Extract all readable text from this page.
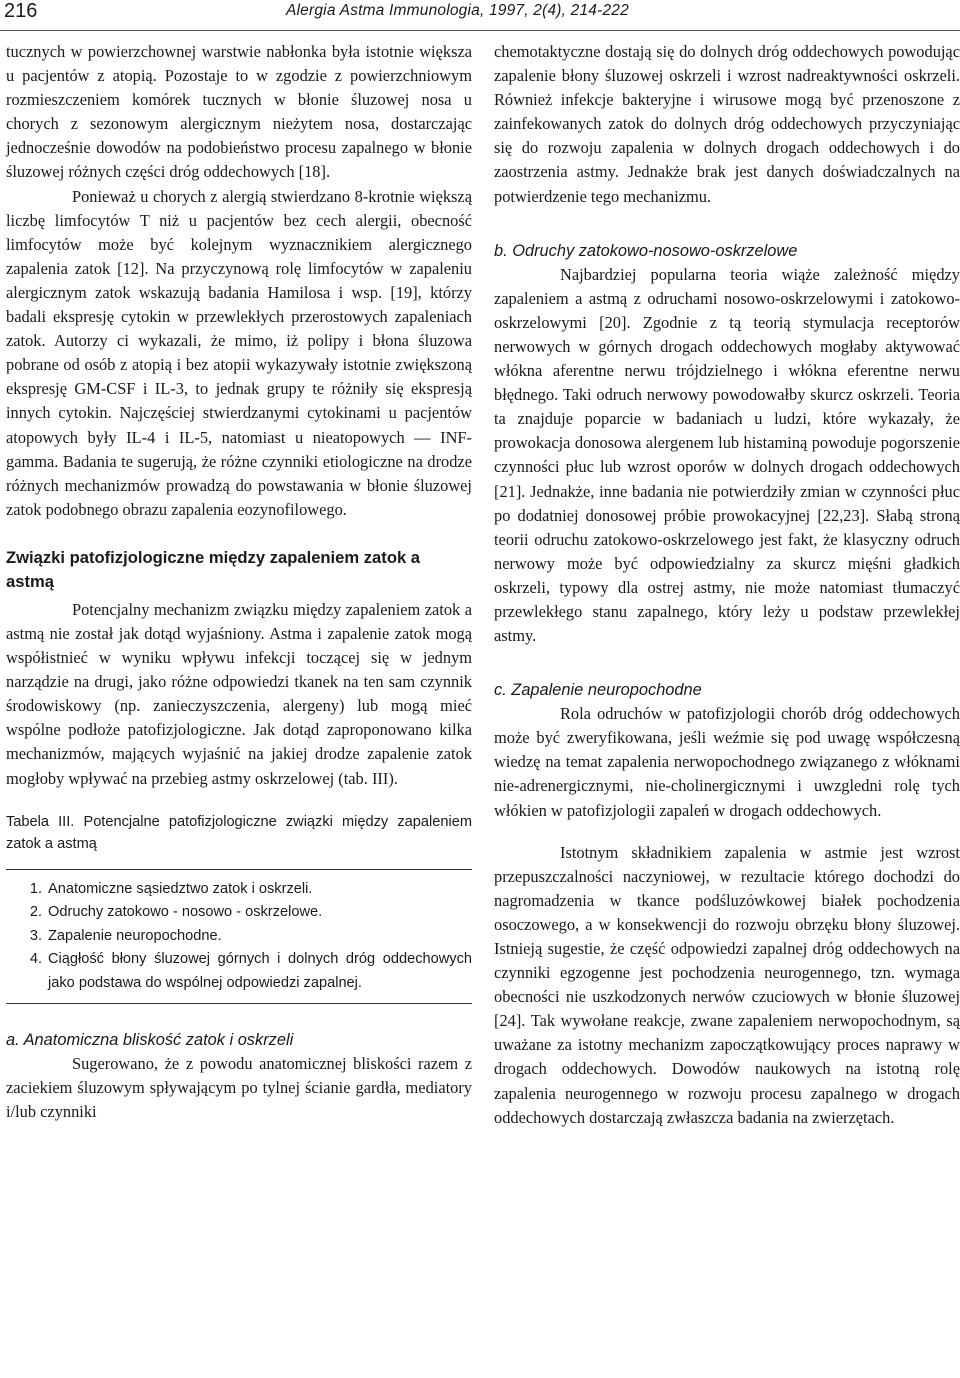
216	Alergia Astma Immunologia, 1997, 2(4), 214-222

tucznych w powierzchownej warstwie nabłonka była istotnie większa u pacjentów z atopią. Pozostaje to w zgodzie z powierzchniowym rozmieszczeniem komórek tucznych w błonie śluzowej nosa u chorych z sezonowym alergicznym nieżytem nosa, dostarczając jednocześnie dowodów na podobieństwo procesu zapalnego w błonie śluzowej różnych części dróg oddechowych [18].

Ponieważ u chorych z alergią stwierdzano 8-krotnie większą liczbę limfocytów T niż u pacjentów bez cech alergii, obecność limfocytów może być kolejnym wyznacznikiem alergicznego zapalenia zatok [12]. Na przyczynową rolę limfocytów w zapaleniu alergicznym zatok wskazują badania Hamilosa i wsp. [19], którzy badali ekspresję cytokin w przewlekłych przerostowych zapaleniach zatok. Autorzy ci wykazali, że mimo, iż polipy i błona śluzowa pobrane od osób z atopią i bez atopii wykazywały istotnie zwiększoną ekspresję GM-CSF i IL-3, to jednak grupy te różniły się ekspresją innych cytokin. Najczęściej stwierdzanymi cytokinami u pacjentów atopowych były IL-4 i IL-5, natomiast u nieatopowych — INF-gamma. Badania te sugerują, że różne czynniki etiologiczne na drodze różnych mechanizmów prowadzą do powstawania w błonie śluzowej zatok podobnego obrazu zapalenia eozynofilowego.

Związki patofizjologiczne między zapaleniem zatok a astmą

Potencjalny mechanizm związku między zapaleniem zatok a astmą nie został jak dotąd wyjaśniony. Astma i zapalenie zatok mogą współistnieć w wyniku wpływu infekcji toczącej się w jednym narządzie na drugi, jako różne odpowiedzi tkanek na ten sam czynnik środowiskowy (np. zanieczyszczenia, alergeny) lub mogą mieć wspólne podłoże patofizjologiczne. Jak dotąd zaproponowano kilka mechanizmów, mających wyjaśnić na jakiej drodze zapalenie zatok mogłoby wpływać na przebieg astmy oskrzelowej (tab. III).

Tabela III. Potencjalne patofizjologiczne związki między zapaleniem zatok a astmą

1. Anatomiczne sąsiedztwo zatok i oskrzeli.
2. Odruchy zatokowo - nosowo - oskrzelowe.
3. Zapalenie neuropochodne.
4. Ciągłość błony śluzowej górnych i dolnych dróg oddechowych jako podstawa do wspólnej odpowiedzi zapalnej.
a. Anatomiczna bliskość zatok i oskrzeli

Sugerowano, że z powodu anatomicznej bliskości razem z zaciekiem śluzowym spływającym po tylnej ścianie gardła, mediatory i/lub czynniki

chemotaktyczne dostają się do dolnych dróg oddechowych powodując zapalenie błony śluzowej oskrzeli i wzrost nadreaktywności oskrzeli. Również infekcje bakteryjne i wirusowe mogą być przenoszone z zainfekowanych zatok do dolnych dróg oddechowych przyczyniając się do rozwoju zapalenia w dolnych drogach oddechowych i do zaostrzenia astmy. Jednakże brak jest danych doświadczalnych na potwierdzenie tego mechanizmu.

b. Odruchy zatokowo-nosowo-oskrzelowe

Najbardziej popularna teoria wiąże zależność między zapaleniem a astmą z odruchami nosowo-oskrzelowymi i zatokowo-oskrzelowymi [20]. Zgodnie z tą teorią stymulacja receptorów nerwowych w górnych drogach oddechowych mogłaby aktywować włókna aferentne nerwu trójdzielnego i włókna eferentne nerwu błędnego. Taki odruch nerwowy powodowałby skurcz oskrzeli. Teoria ta znajduje poparcie w badaniach u ludzi, które wykazały, że prowokacja donosowa alergenem lub histaminą powoduje pogorszenie czynności płuc lub wzrost oporów w dolnych drogach oddechowych [21]. Jednakże, inne badania nie potwierdziły zmian w czynności płuc po dodatniej donosowej próbie prowokacyjnej [22,23]. Słabą stroną teorii odruchu zatokowo-oskrzelowego jest fakt, że klasyczny odruch nerwowy może być odpowiedzialny za skurcz mięśni gładkich oskrzeli, typowy dla ostrej astmy, nie może natomiast tłumaczyć przewlekłego stanu zapalnego, który leży u podstaw przewlekłej astmy.

c. Zapalenie neuropochodne

Rola odruchów w patofizjologii chorób dróg oddechowych może być zweryfikowana, jeśli weźmie się pod uwagę współczesną wiedzę na temat zapalenia nerwopochodnego związanego z włóknami nie-adrenergicznymi, nie-cholinergicznymi i uwzgledni rolę tych włókien w patofizjologii zapaleń w drogach oddechowych.

Istotnym składnikiem zapalenia w astmie jest wzrost przepuszczalności naczyniowej, w rezultacie którego dochodzi do nagromadzenia w tkance podśluzówkowej białek pochodzenia osoczowego, a w konsekwencji do rozwoju obrzęku błony śluzowej. Istnieją sugestie, że część odpowiedzi zapalnej dróg oddechowych na czynniki egzogenne jest pochodzenia neurogennego, tzn. wymaga obecności nie uszkodzonych nerwów czuciowych w błonie śluzowej [24]. Tak wywołane reakcje, zwane zapaleniem nerwopochodnym, są uważane za istotny mechanizm zapoczątkowujący proces naprawy w drogach oddechowych. Dowodów naukowych na istotną rolę zapalenia neurogennego w rozwoju procesu zapalnego w drogach oddechowych dostarczają zwłaszcza badania na zwierzętach.
